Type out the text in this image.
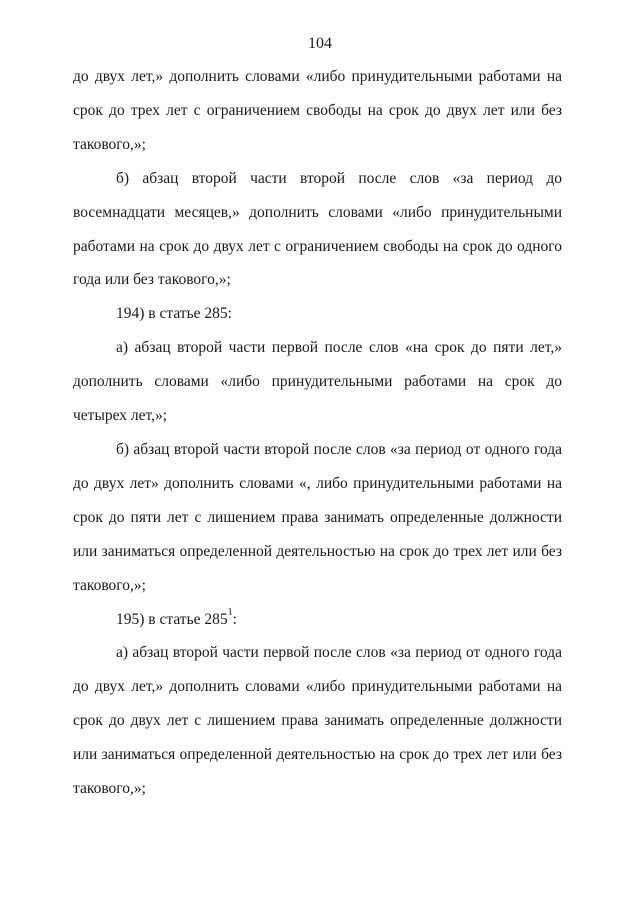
104

до двух лет,» дополнить словами «либо принудительными работами на срок до трех лет с ограничением свободы на срок до двух лет или без такового,»;

б) абзац второй части второй после слов «за период до восемнадцати месяцев,» дополнить словами «либо принудительными работами на срок до двух лет с ограничением свободы на срок до одного года или без такового,»;

194) в статье 285:

а) абзац второй части первой после слов «на срок до пяти лет,» дополнить словами «либо принудительными работами на срок до четырех лет,»;

б) абзац второй части второй после слов «за период от одного года до двух лет» дополнить словами «, либо принудительными работами на срок до пяти лет с лишением права занимать определенные должности или заниматься определенной деятельностью на срок до трех лет или без такового,»;

195) в статье $285^1$:

а) абзац второй части первой после слов «за период от одного года до двух лет,» дополнить словами «либо принудительными работами на срок до двух лет с лишением права занимать определенные должности или заниматься определенной деятельностью на срок до трех лет или без такового,»;
